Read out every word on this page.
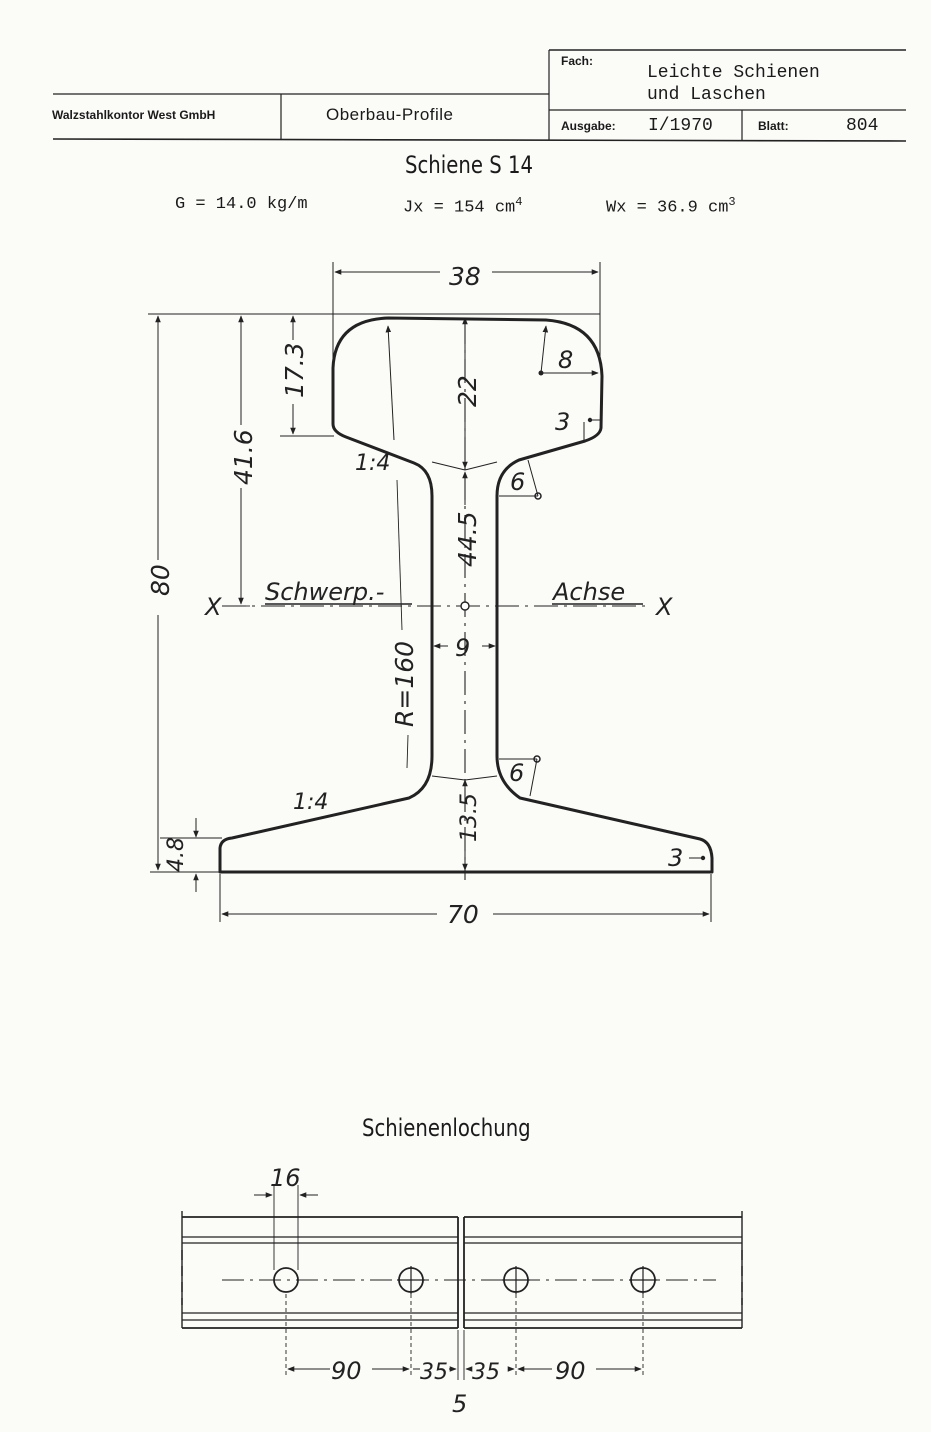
Walzstahlkontor West GmbH	Oberbau-Profile
Fach:
Leichte Schienen
und Laschen
Ausgabe: I/1970	Blatt:	804
Schiene S 14
G = 14.0 kg/m	Jx = 154 $cm^4$	Wx = 36.9 $cm^3$
38
22
17.3	8
3
41.6
80
44.5
6
6
9
R=160
1:4
1:4	13.5
4.8	3
70
X	X
Schwerp.-	Achse
Schienenlochung
16
90	35 35 90
5
